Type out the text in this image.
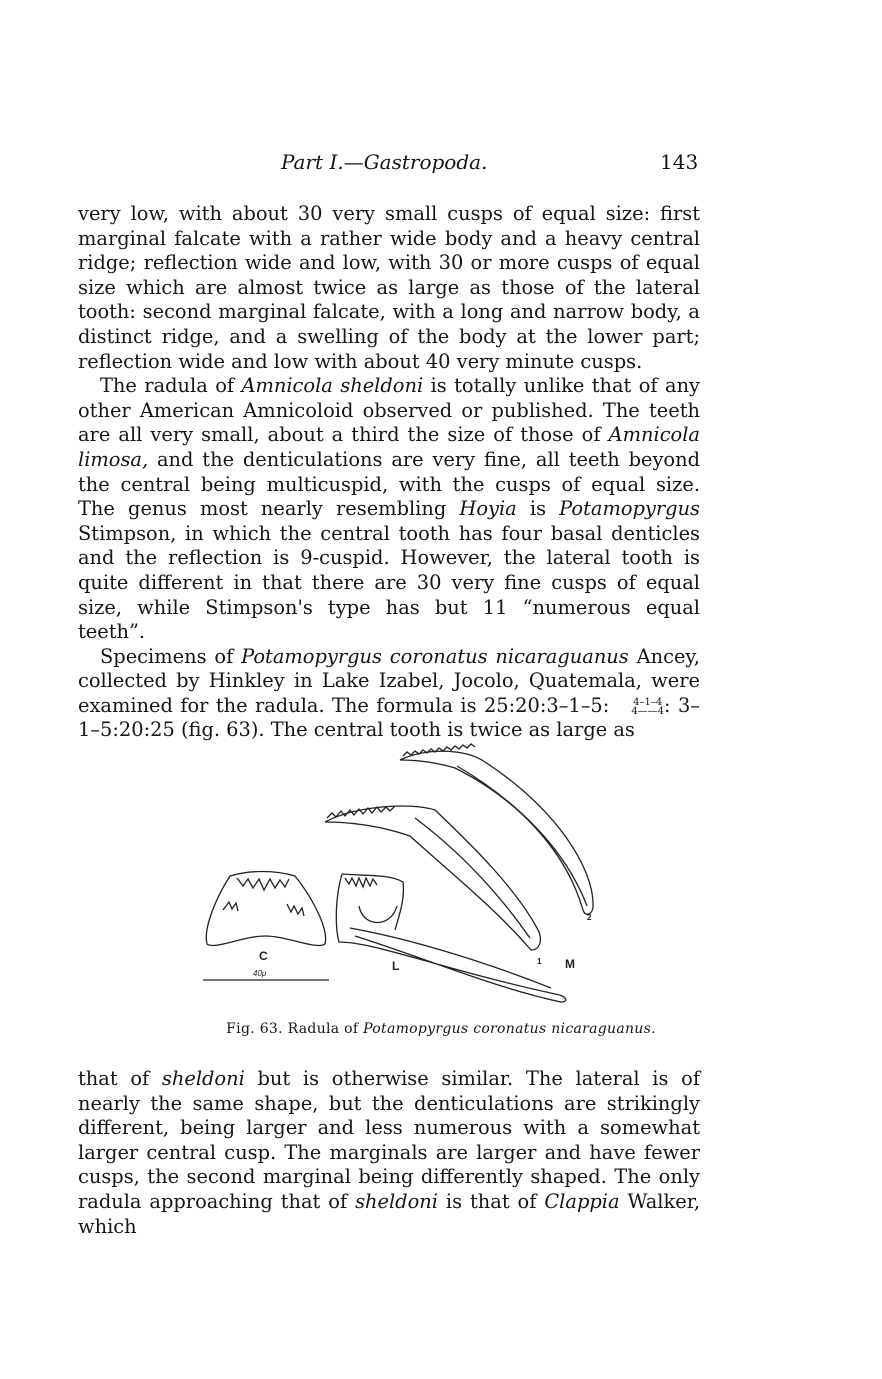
Part I.—Gastropoda.	143

very low, with about 30 very small cusps of equal size: first marginal falcate with a rather wide body and a heavy central ridge; reflection wide and low, with 30 or more cusps of equal size which are almost twice as large as those of the lateral tooth: second marginal falcate, with a long and narrow body, a distinct ridge, and a swelling of the body at the lower part; reflection wide and low with about 40 very minute cusps.

The radula of Amnicola sheldoni is totally unlike that of any other American Amnicoloid observed or published. The teeth are all very small, about a third the size of those of Amnicola limosa, and the denticulations are very fine, all teeth beyond the central being multicuspid, with the cusps of equal size. The genus most nearly resembling Hoyia is Potamopyrgus Stimpson, in which the central tooth has four basal denticles and the reflection is 9-cuspid. However, the lateral tooth is quite different in that there are 30 very fine cusps of equal size, while Stimpson's type has but 11 “numerous equal teeth”.

Specimens of Potamopyrgus coronatus nicaraguanus Ancey, collected by Hinkley in Lake Izabel, Jocolo, Quatemala, were examined for the radula. The formula is 25:20:3–1–5:	4–1–4
4——4 : 3–1–5:20:25 (fig. 63). The central tooth is twice as large as

C
L	M
1
2
40μ
Fig. 63. Radula of Potamopyrgus coronatus nicaraguanus.

that of sheldoni but is otherwise similar. The lateral is of nearly the same shape, but the denticulations are strikingly different, being larger and less numerous with a somewhat larger central cusp. The marginals are larger and have fewer cusps, the second marginal being differently shaped. The only radula approaching that of sheldoni is that of Clappia Walker, which
